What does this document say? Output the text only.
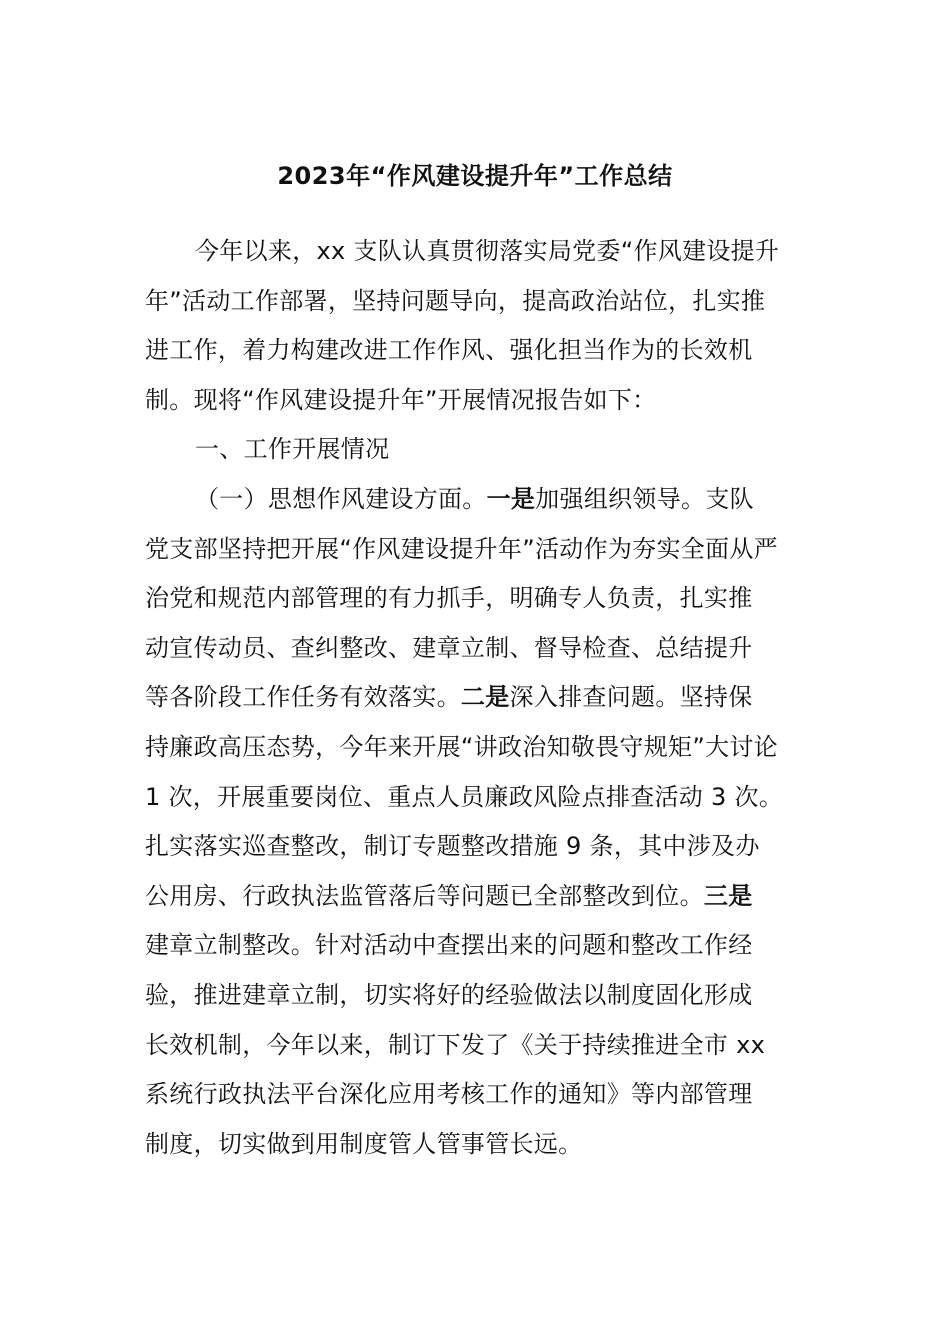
2023年“作风建设提升年”工作总结
今年以来，xx 支队认真贯彻落实局党委“作风建设提升
年”活动工作部署，坚持问题导向，提高政治站位，扎实推
进工作，着力构建改进工作作风、强化担当作为的长效机
制。现将“作风建设提升年”开展情况报告如下：
一、工作开展情况
（一）思想作风建设方面。一是加强组织领导。支队
党支部坚持把开展“作风建设提升年”活动作为夯实全面从严
治党和规范内部管理的有力抓手，明确专人负责，扎实推
动宣传动员、查纠整改、建章立制、督导检查、总结提升
等各阶段工作任务有效落实。二是深入排查问题。坚持保
持廉政高压态势，今年来开展“讲政治知敬畏守规矩”大讨论
1 次，开展重要岗位、重点人员廉政风险点排查活动 3 次。
扎实落实巡查整改，制订专题整改措施 9 条，其中涉及办
公用房、行政执法监管落后等问题已全部整改到位。三是
建章立制整改。针对活动中查摆出来的问题和整改工作经
验，推进建章立制，切实将好的经验做法以制度固化形成
长效机制，今年以来，制订下发了《关于持续推进全市 xx
系统行政执法平台深化应用考核工作的通知》等内部管理
制度，切实做到用制度管人管事管长远。
